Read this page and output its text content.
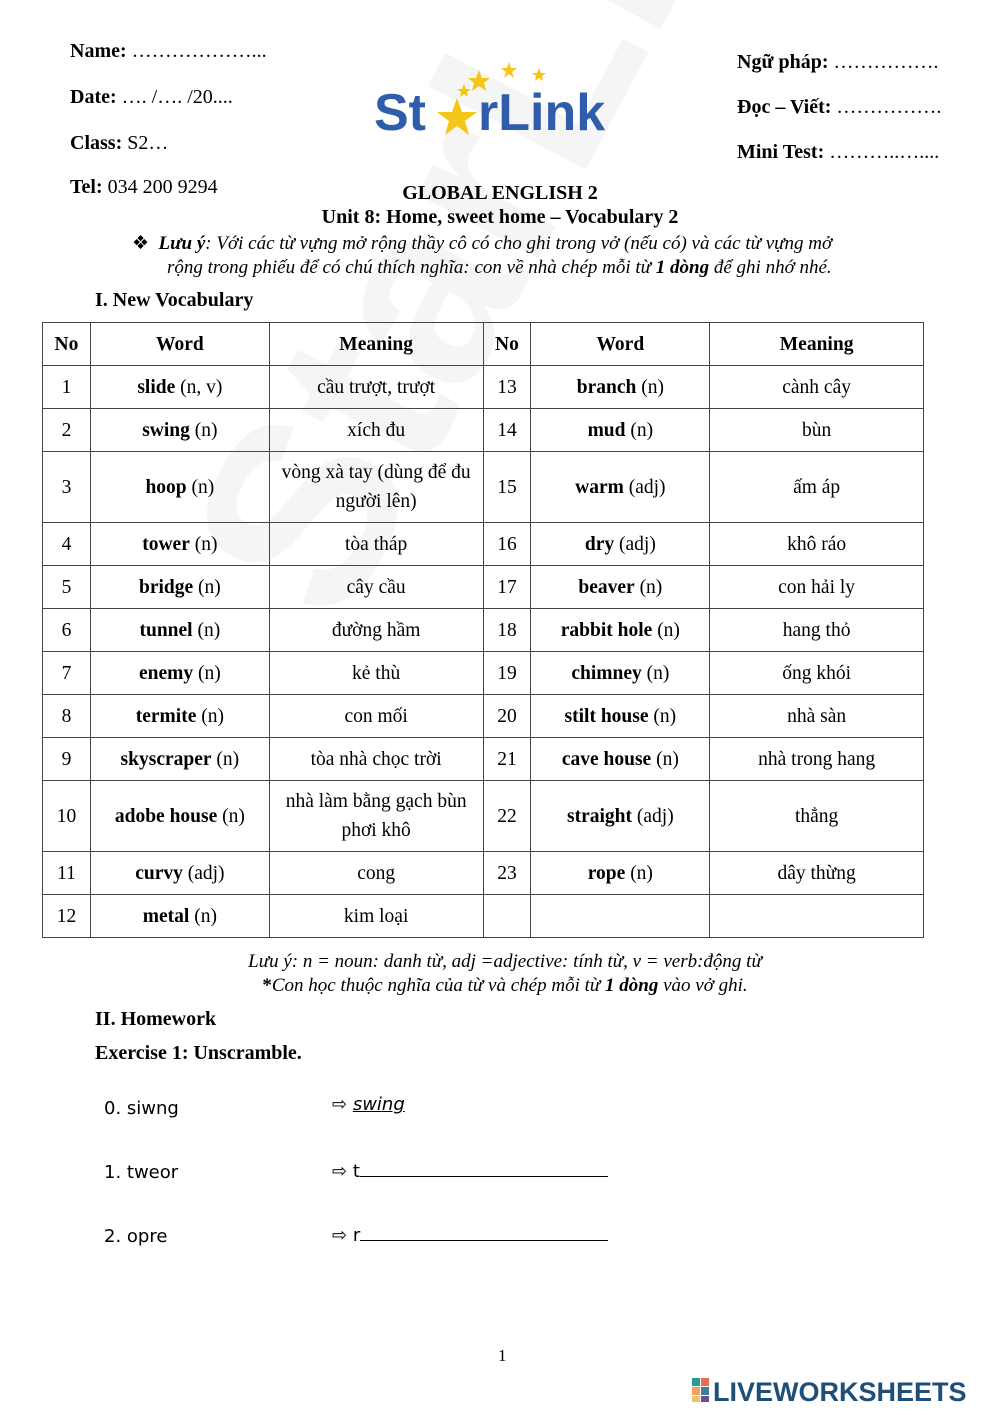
Name: ………………...
Date: …. /…. /20....
Class: S2…
Tel: 034 200 9294
Ngữ pháp: …………….
Đọc – Viết: …………….
Mini Test: ………..…....
St rLink
GLOBAL ENGLISH 2
Unit 8: Home, sweet home – Vocabulary 2
❖ Lưu ý: Với các từ vựng mở rộng thầy cô có cho ghi trong vở (nếu có) và các từ vựng mở
rộng trong phiếu để có chú thích nghĩa: con về nhà chép mỗi từ 1 dòng để ghi nhớ nhé.
I. New Vocabulary
No	Word	Meaning	No	Word	Meaning
1	slide (n, v)	cầu trượt, trượt	13	branch (n)	cành cây
2	swing (n)	xích đu	14	mud (n)	bùn
3	hoop (n)	vòng xà tay (dùng để đu người lên)	15	warm (adj)	ấm áp
4	tower (n)	tòa tháp	16	dry (adj)	khô ráo
5	bridge (n)	cây cầu	17	beaver (n)	con hải ly
6	tunnel (n)	đường hầm	18	rabbit hole (n)	hang thỏ
7	enemy (n)	kẻ thù	19	chimney (n)	ống khói
8	termite (n)	con mối	20	stilt house (n)	nhà sàn
9	skyscraper (n)	tòa nhà chọc trời	21	cave house (n)	nhà trong hang
10	adobe house (n)	nhà làm bằng gạch bùn phơi khô	22	straight (adj)	thẳng
11	curvy (adj)	cong	23	rope (n)	dây thừng
12	metal (n)	kim loại			
Lưu ý: n = noun: danh từ, adj =adjective: tính từ, v = verb:động từ
*Con học thuộc nghĩa của từ và chép mỗi từ 1 dòng vào vở ghi.
II. Homework
Exercise 1: Unscramble.
0. siwng	⇨ swing
1. tweor	⇨ t
2. opre	⇨ r
1
LIVEWORKSHEETS
